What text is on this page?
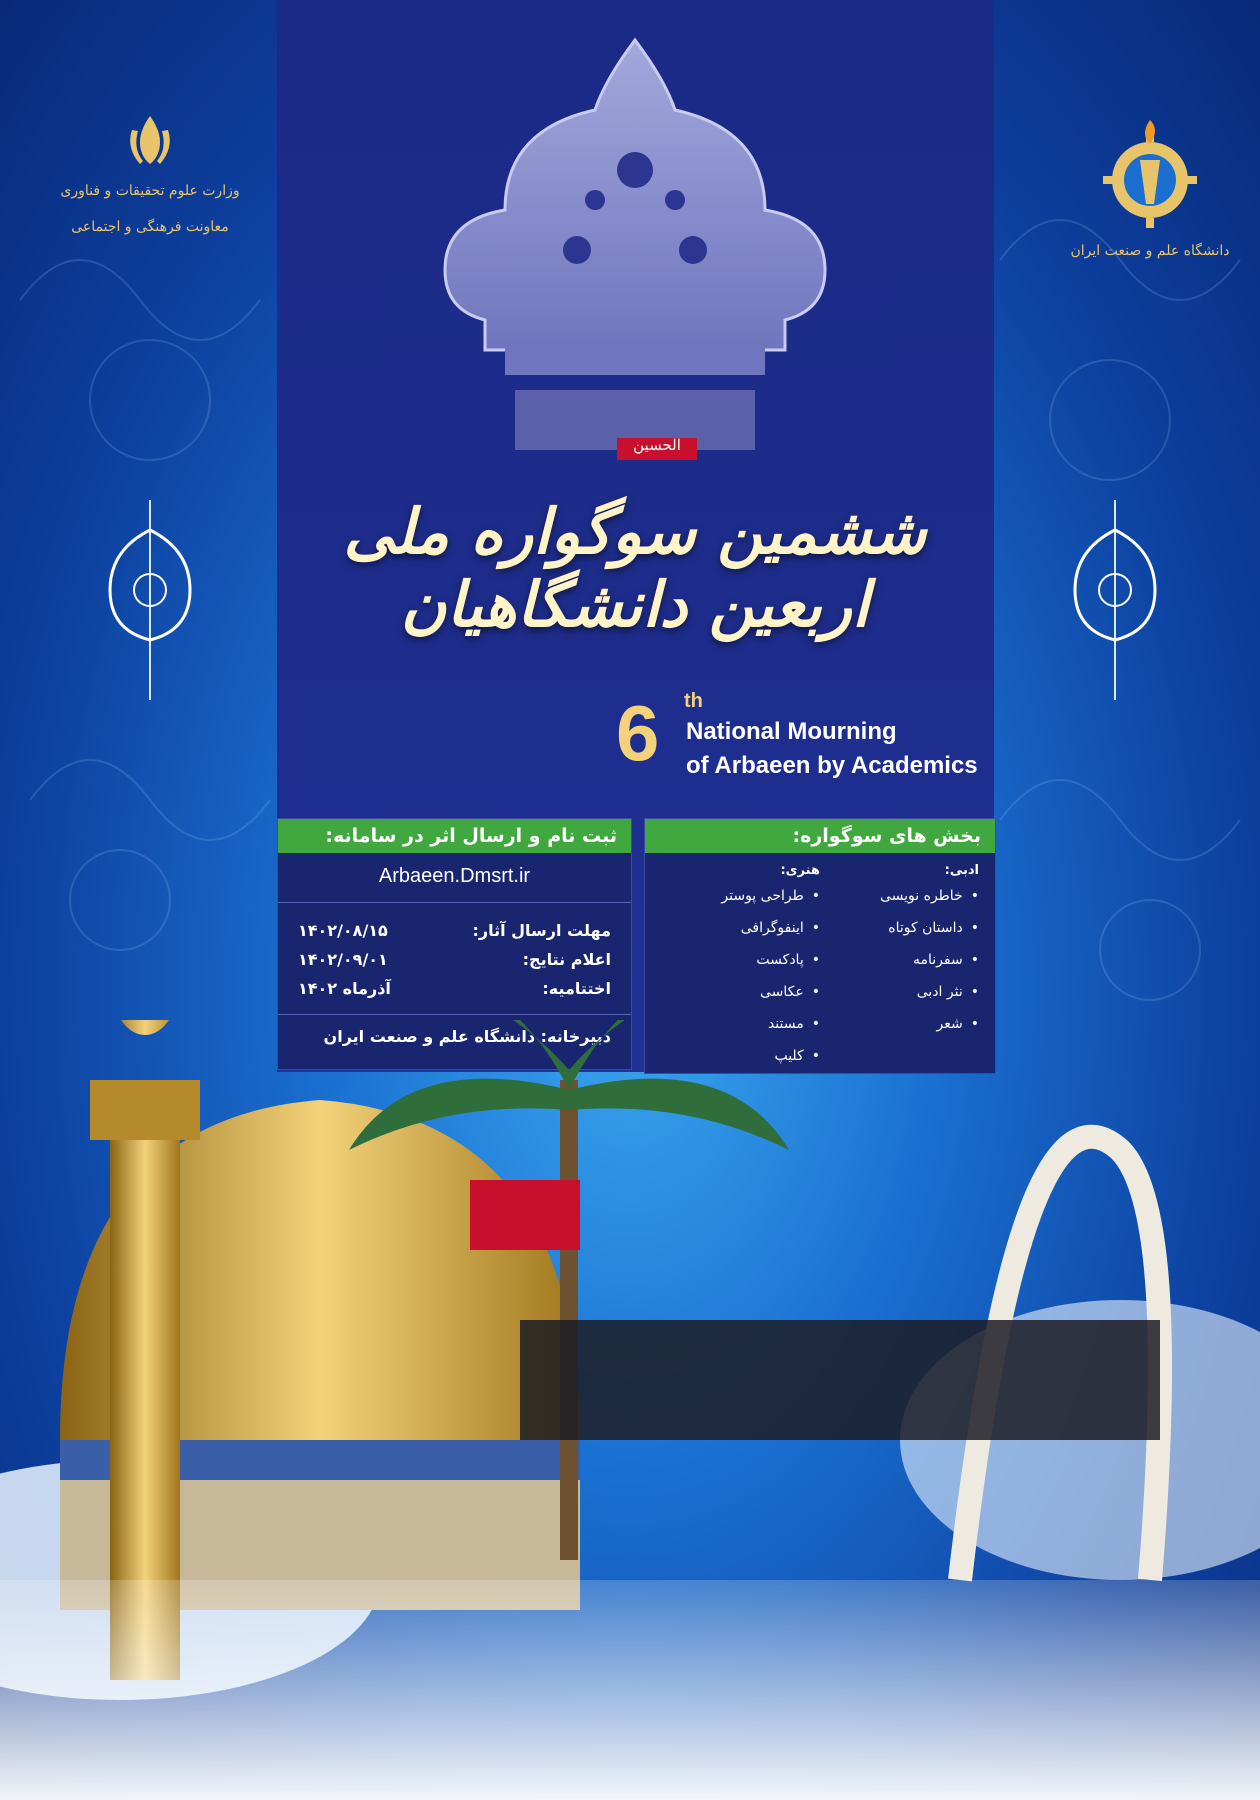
الحسین
وزارت علوم تحقیقات و فناوری
معاونت فرهنگی و اجتماعی
دانشگاه علم و صنعت ایران
ششمین سوگواره ملی اربعین دانشگاهیان
6 th
National Mourning
of Arbaeen by Academics
ثبت نام و ارسال اثر در سامانه:
Arbaeen.Dmsrt.ir
مهلت ارسال آثار:
۱۴۰۲/۰۸/۱۵
اعلام نتایج:
۱۴۰۲/۰۹/۰۱
اختتامیه:
آذرماه ۱۴۰۲
دبیرخانه: دانشگاه علم و صنعت ایران
بخش های سوگواره:
ادبی:
• خاطره نویسی
• داستان کوتاه
• سفرنامه
• نثر ادبی
• شعر
هنری:
• طراحی پوستر
• اینفوگرافی
• پادکست
• عکاسی
• مستند
• کلیپ
